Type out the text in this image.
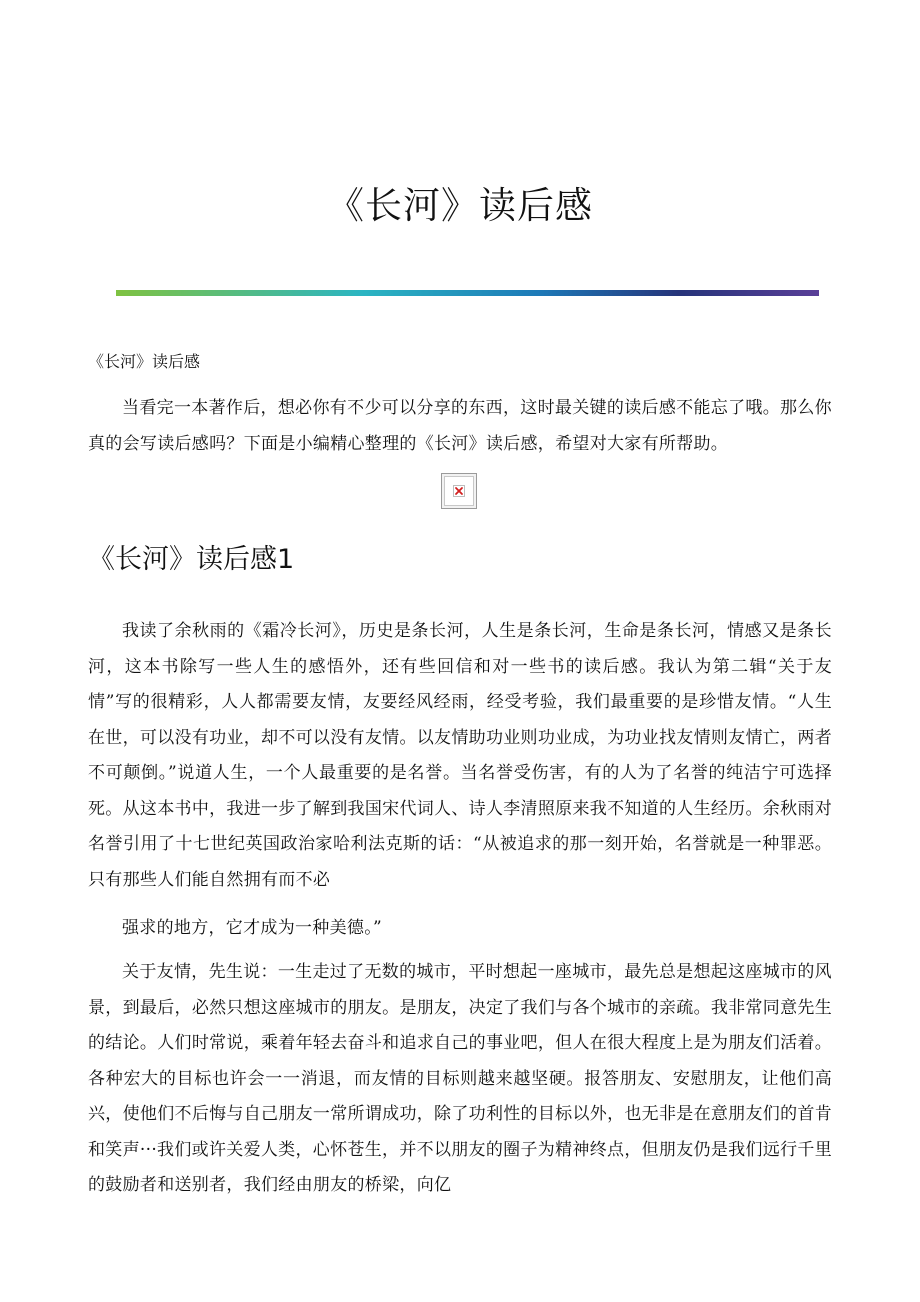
《长河》读后感

《长河》读后感

当看完一本著作后，想必你有不少可以分享的东西，这时最关键的读后感不能忘了哦。那么你真的会写读后感吗？下面是小编精心整理的《长河》读后感，希望对大家有所帮助。

《长河》读后感1

我读了余秋雨的《霜冷长河》，历史是条长河，人生是条长河，生命是条长河，情感又是条长河，这本书除写一些人生的感悟外，还有些回信和对一些书的读后感。我认为第二辑“关于友情”写的很精彩，人人都需要友情，友要经风经雨，经受考验，我们最重要的是珍惜友情。“人生在世，可以没有功业，却不可以没有友情。以友情助功业则功业成，为功业找友情则友情亡，两者不可颠倒。”说道人生，一个人最重要的是名誉。当名誉受伤害，有的人为了名誉的纯洁宁可选择死。从这本书中，我进一步了解到我国宋代词人、诗人李清照原来我不知道的人生经历。余秋雨对名誉引用了十七世纪英国政治家哈利法克斯的话：“从被追求的那一刻开始，名誉就是一种罪恶。只有那些人们能自然拥有而不必

强求的地方，它才成为一种美德。”

关于友情，先生说：一生走过了无数的城市，平时想起一座城市，最先总是想起这座城市的风景，到最后，必然只想这座城市的朋友。是朋友，决定了我们与各个城市的亲疏。我非常同意先生的结论。人们时常说，乘着年轻去奋斗和追求自己的事业吧，但人在很大程度上是为朋友们活着。各种宏大的目标也许会一一消退，而友情的目标则越来越坚硬。报答朋友、安慰朋友，让他们高兴，使他们不后悔与自己朋友一常所谓成功，除了功利性的目标以外，也无非是在意朋友们的首肯和笑声···我们或许关爱人类，心怀苍生，并不以朋友的圈子为精神终点，但朋友仍是我们远行千里的鼓励者和送别者，我们经由朋友的桥梁，向亿
